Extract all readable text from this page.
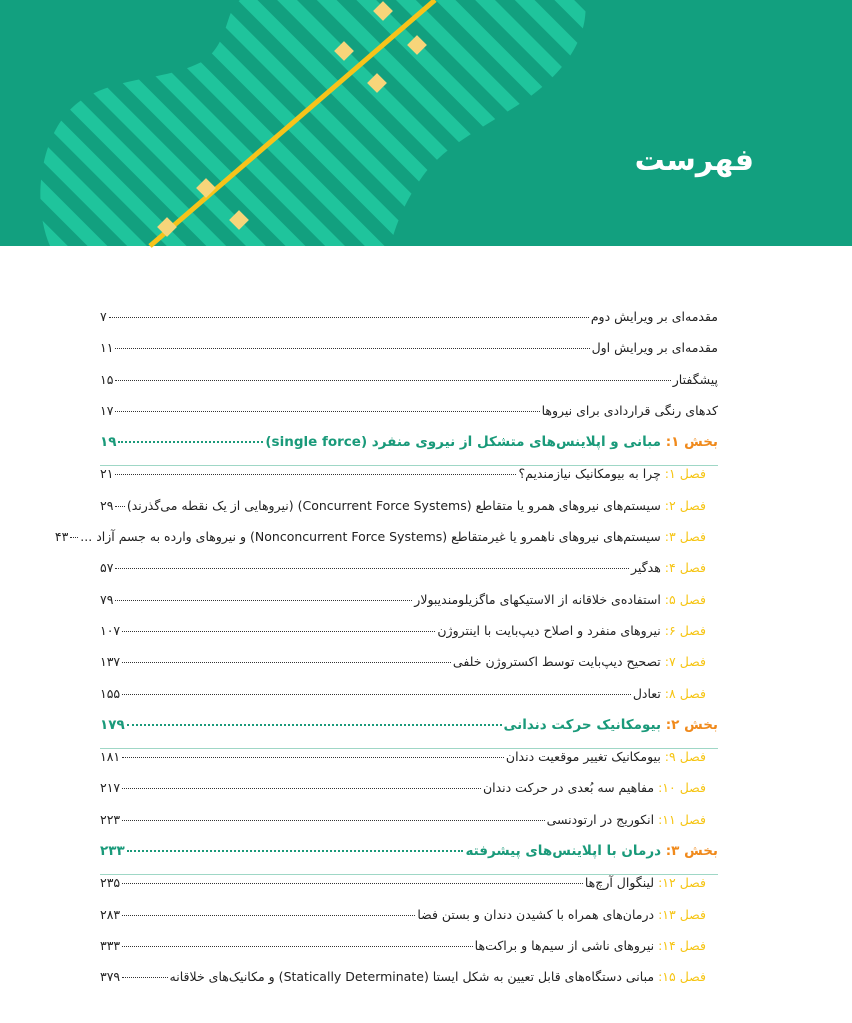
فهرست
مقدمه‌ای بر ویرایش دوم
۷
مقدمه‌ای بر ویرایش اول
۱۱
پیشگفتار
۱۵
کدهای رنگی قراردادی برای نیروها
۱۷
بخش ۱: مبانی و اپلاینس‌های متشکل از نیروی منفرد (single force)
۱۹
فصل ۱:چرا به بیومکانیک نیازمندیم؟
۲۱
فصل ۲:سیستم‌های نیروهای همرو یا متقاطع (Concurrent Force Systems) (نیروهایی از یک نقطه می‌گذرند)
۲۹
فصل ۳:سیستم‌های نیروهای ناهمرو یا غیرمتقاطع (Nonconcurrent Force Systems) و نیروهای وارده به جسم آزاد ...
۴۳
فصل ۴:هدگیر
۵۷
فصل ۵:استفاده‌ی خلاقانه از الاستیکهای ماگزیلومندیبولار
۷۹
فصل ۶:نیروهای منفرد و اصلاح دیپ‌بایت با اینتروژن
۱۰۷
فصل ۷:تصحیح دیپ‌بایت توسط اکستروژن خلفی
۱۳۷
فصل ۸:تعادل
۱۵۵
بخش ۲: بیومکانیک حرکت دندانی
۱۷۹
فصل ۹:بیومکانیک تغییر موقعیت دندان
۱۸۱
فصل ۱۰:مفاهیم سه بُعدی در حرکت دندان
۲۱۷
فصل ۱۱:انکوریج در ارتودنسی
۲۲۳
بخش ۳: درمان با اپلاینس‌های پیشرفته
۲۳۳
فصل ۱۲:لینگوال آرچ‌ها
۲۳۵
فصل ۱۳:درمان‌های همراه با کشیدن دندان و بستن فضا
۲۸۳
فصل ۱۴:نیروهای ناشی از سیم‌ها و براکت‌ها
۳۳۳
فصل ۱۵:مبانی دستگاه‌های قابل تعیین به شکل ایستا (Statically Determinate) و مکانیک‌های خلاقانه
۳۷۹
